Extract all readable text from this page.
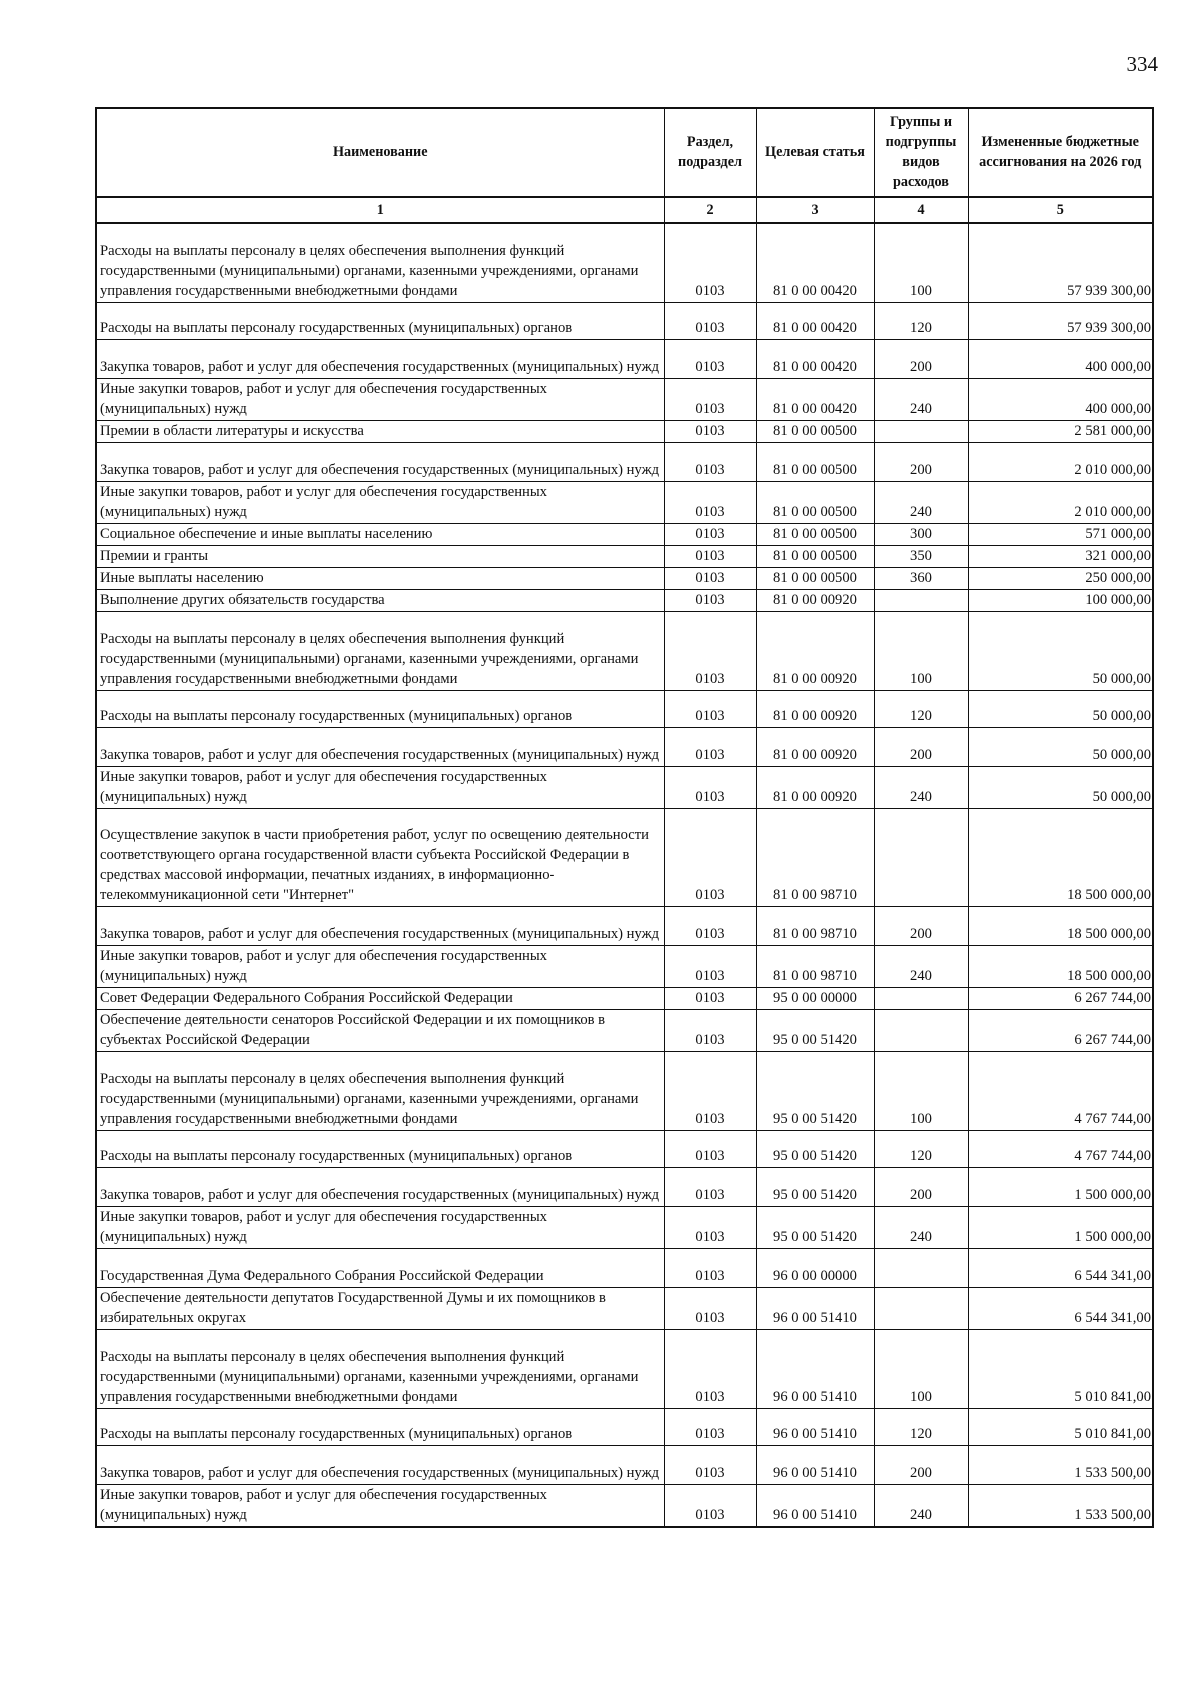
334
Наименование	Раздел, подраздел	Целевая статья	Группы и подгруппы видов расходов	Измененные бюджетные ассигнования на 2026 год
1	2	3	4	5
Расходы на выплаты персоналу в целях обеспечения выполнения функций государственными (муниципальными) органами, казенными учреждениями, органами управления государственными внебюджетными фондами	0103	81 0 00 00420	100	57 939 300,00
Расходы на выплаты персоналу государственных (муниципальных) органов	0103	81 0 00 00420	120	57 939 300,00
Закупка товаров, работ и услуг для обеспечения государственных (муниципальных) нужд	0103	81 0 00 00420	200	400 000,00
Иные закупки товаров, работ и услуг для обеспечения государственных (муниципальных) нужд	0103	81 0 00 00420	240	400 000,00
Премии в области литературы и искусства	0103	81 0 00 00500		2 581 000,00
Закупка товаров, работ и услуг для обеспечения государственных (муниципальных) нужд	0103	81 0 00 00500	200	2 010 000,00
Иные закупки товаров, работ и услуг для обеспечения государственных (муниципальных) нужд	0103	81 0 00 00500	240	2 010 000,00
Социальное обеспечение и иные выплаты населению	0103	81 0 00 00500	300	571 000,00
Премии и гранты	0103	81 0 00 00500	350	321 000,00
Иные выплаты населению	0103	81 0 00 00500	360	250 000,00
Выполнение других обязательств государства	0103	81 0 00 00920		100 000,00
Расходы на выплаты персоналу в целях обеспечения выполнения функций государственными (муниципальными) органами, казенными учреждениями, органами управления государственными внебюджетными фондами	0103	81 0 00 00920	100	50 000,00
Расходы на выплаты персоналу государственных (муниципальных) органов	0103	81 0 00 00920	120	50 000,00
Закупка товаров, работ и услуг для обеспечения государственных (муниципальных) нужд	0103	81 0 00 00920	200	50 000,00
Иные закупки товаров, работ и услуг для обеспечения государственных (муниципальных) нужд	0103	81 0 00 00920	240	50 000,00
Осуществление закупок в части приобретения работ, услуг по освещению деятельности соответствующего органа государственной власти субъекта Российской Федерации в средствах массовой информации, печатных изданиях, в информационно-телекоммуникационной сети "Интернет"	0103	81 0 00 98710		18 500 000,00
Закупка товаров, работ и услуг для обеспечения государственных (муниципальных) нужд	0103	81 0 00 98710	200	18 500 000,00
Иные закупки товаров, работ и услуг для обеспечения государственных (муниципальных) нужд	0103	81 0 00 98710	240	18 500 000,00
Совет Федерации Федерального Собрания Российской Федерации	0103	95 0 00 00000		6 267 744,00
Обеспечение деятельности сенаторов Российской Федерации и их помощников в субъектах Российской Федерации	0103	95 0 00 51420		6 267 744,00
Расходы на выплаты персоналу в целях обеспечения выполнения функций государственными (муниципальными) органами, казенными учреждениями, органами управления государственными внебюджетными фондами	0103	95 0 00 51420	100	4 767 744,00
Расходы на выплаты персоналу государственных (муниципальных) органов	0103	95 0 00 51420	120	4 767 744,00
Закупка товаров, работ и услуг для обеспечения государственных (муниципальных) нужд	0103	95 0 00 51420	200	1 500 000,00
Иные закупки товаров, работ и услуг для обеспечения государственных (муниципальных) нужд	0103	95 0 00 51420	240	1 500 000,00
Государственная Дума Федерального Собрания Российской Федерации	0103	96 0 00 00000		6 544 341,00
Обеспечение деятельности депутатов Государственной Думы и их помощников в избирательных округах	0103	96 0 00 51410		6 544 341,00
Расходы на выплаты персоналу в целях обеспечения выполнения функций государственными (муниципальными) органами, казенными учреждениями, органами управления государственными внебюджетными фондами	0103	96 0 00 51410	100	5 010 841,00
Расходы на выплаты персоналу государственных (муниципальных) органов	0103	96 0 00 51410	120	5 010 841,00
Закупка товаров, работ и услуг для обеспечения государственных (муниципальных) нужд	0103	96 0 00 51410	200	1 533 500,00
Иные закупки товаров, работ и услуг для обеспечения государственных (муниципальных) нужд	0103	96 0 00 51410	240	1 533 500,00
